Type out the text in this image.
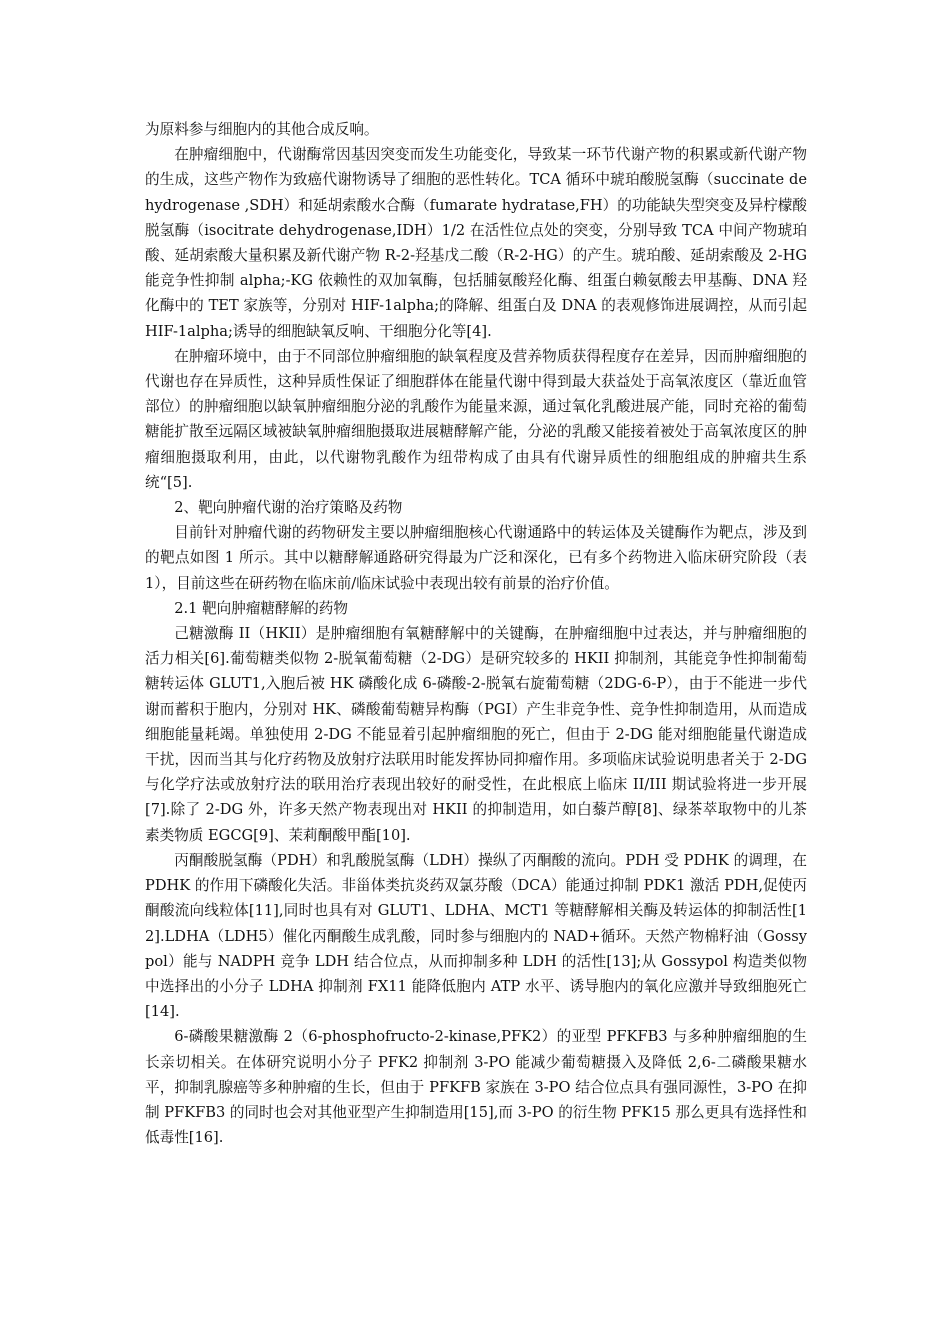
为原料参与细胞内的其他合成反响。

在肿瘤细胞中，代谢酶常因基因突变而发生功能变化，导致某一环节代谢产物的积累或新代谢产物的生成，这些产物作为致癌代谢物诱导了细胞的恶性转化。TCA 循环中琥珀酸脱氢酶（succinate dehydrogenase ,SDH）和延胡索酸水合酶（fumarate hydratase,FH）的功能缺失型突变及异柠檬酸脱氢酶（isocitrate dehydrogenase,IDH）1/2 在活性位点处的突变，分别导致 TCA 中间产物琥珀酸、延胡索酸大量积累及新代谢产物 R-2-羟基戊二酸（R-2-HG）的产生。琥珀酸、延胡索酸及 2-HG 能竞争性抑制 alpha;-KG 依赖性的双加氧酶，包括脯氨酸羟化酶、组蛋白赖氨酸去甲基酶、DNA 羟化酶中的 TET 家族等，分别对 HIF-1alpha;的降解、组蛋白及 DNA 的表观修饰进展调控，从而引起 HIF-1alpha;诱导的细胞缺氧反响、干细胞分化等[4].

在肿瘤环境中，由于不同部位肿瘤细胞的缺氧程度及营养物质获得程度存在差异，因而肿瘤细胞的代谢也存在异质性，这种异质性保证了细胞群体在能量代谢中得到最大获益处于高氧浓度区（靠近血管部位）的肿瘤细胞以缺氧肿瘤细胞分泌的乳酸作为能量来源，通过氧化乳酸进展产能，同时充裕的葡萄糖能扩散至远隔区域被缺氧肿瘤细胞摄取进展糖酵解产能，分泌的乳酸又能接着被处于高氧浓度区的肿瘤细胞摄取利用，由此，以代谢物乳酸作为纽带构成了由具有代谢异质性的细胞组成的肿瘤共生系统“[5].

2、靶向肿瘤代谢的治疗策略及药物

目前针对肿瘤代谢的药物研发主要以肿瘤细胞核心代谢通路中的转运体及关键酶作为靶点，涉及到的靶点如图 1 所示。其中以糖酵解通路研究得最为广泛和深化，已有多个药物进入临床研究阶段（表 1），目前这些在研药物在临床前/临床试验中表现出较有前景的治疗价值。

2.1 靶向肿瘤糖酵解的药物

己糖激酶 II（HKII）是肿瘤细胞有氧糖酵解中的关键酶，在肿瘤细胞中过表达，并与肿瘤细胞的活力相关[6].葡萄糖类似物 2-脱氧葡萄糖（2-DG）是研究较多的 HKII 抑制剂，其能竞争性抑制葡萄糖转运体 GLUT1,入胞后被 HK 磷酸化成 6-磷酸-2-脱氧右旋葡萄糖（2DG-6-P），由于不能进一步代谢而蓄积于胞内，分别对 HK、磷酸葡萄糖异构酶（PGI）产生非竞争性、竞争性抑制造用，从而造成细胞能量耗竭。单独使用 2-DG 不能显着引起肿瘤细胞的死亡，但由于 2-DG 能对细胞能量代谢造成干扰，因而当其与化疗药物及放射疗法联用时能发挥协同抑瘤作用。多项临床试验说明患者关于 2-DG 与化学疗法或放射疗法的联用治疗表现出较好的耐受性，在此根底上临床 II/III 期试验将进一步开展[7].除了 2-DG 外，许多天然产物表现出对 HKII 的抑制造用，如白藜芦醇[8]、绿茶萃取物中的儿茶素类物质 EGCG[9]、茉莉酮酸甲酯[10].

丙酮酸脱氢酶（PDH）和乳酸脱氢酶（LDH）操纵了丙酮酸的流向。PDH 受 PDHK 的调理，在 PDHK 的作用下磷酸化失活。非甾体类抗炎药双氯芬酸（DCA）能通过抑制 PDK1 激活 PDH,促使丙酮酸流向线粒体[11],同时也具有对 GLUT1、LDHA、MCT1 等糖酵解相关酶及转运体的抑制活性[12].LDHA（LDH5）催化丙酮酸生成乳酸，同时参与细胞内的 NAD+循环。天然产物棉籽油（Gossypol）能与 NADPH 竞争 LDH 结合位点，从而抑制多种 LDH 的活性[13];从 Gossypol 构造类似物中选择出的小分子 LDHA 抑制剂 FX11 能降低胞内 ATP 水平、诱导胞内的氧化应激并导致细胞死亡[14].

6-磷酸果糖激酶 2（6-phosphofructo-2-kinase,PFK2）的亚型 PFKFB3 与多种肿瘤细胞的生长亲切相关。在体研究说明小分子 PFK2 抑制剂 3-PO 能减少葡萄糖摄入及降低 2,6-二磷酸果糖水平，抑制乳腺癌等多种肿瘤的生长，但由于 PFKFB 家族在 3-PO 结合位点具有强同源性，3-PO 在抑制 PFKFB3 的同时也会对其他亚型产生抑制造用[15],而 3-PO 的衍生物 PFK15 那么更具有选择性和低毒性[16].
